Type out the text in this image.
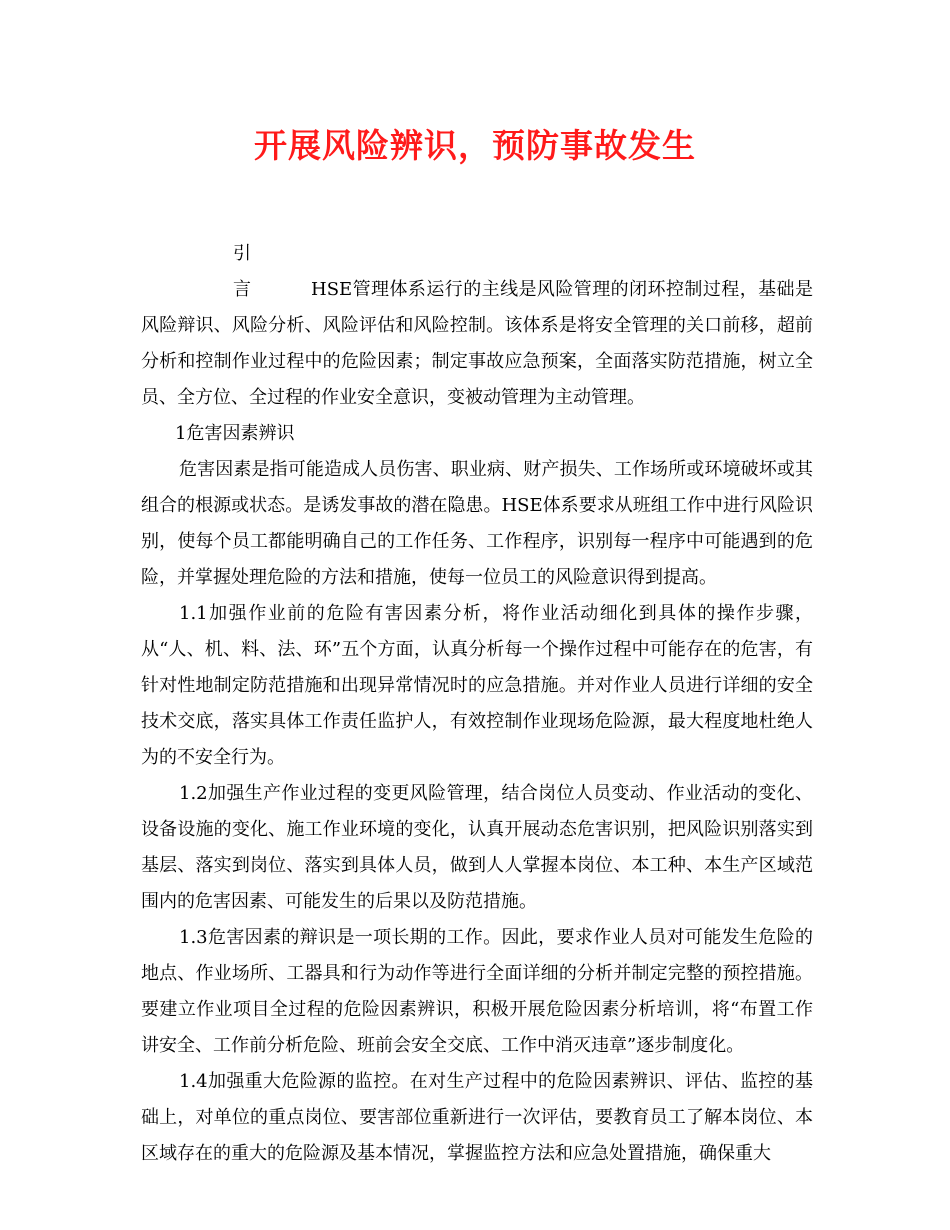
开展风险辨识，预防事故发生

引言 HSE管理体系运行的主线是风险管理的闭环控制过程，基础是风险辩识、风险分析、风险评估和风险控制。该体系是将安全管理的关口前移，超前分析和控制作业过程中的危险因素；制定事故应急预案，全面落实防范措施，树立全员、全方位、全过程的作业安全意识，变被动管理为主动管理。

1危害因素辨识

危害因素是指可能造成人员伤害、职业病、财产损失、工作场所或环境破坏或其组合的根源或状态。是诱发事故的潜在隐患。HSE体系要求从班组工作中进行风险识别，使每个员工都能明确自己的工作任务、工作程序，识别每一程序中可能遇到的危险，并掌握处理危险的方法和措施，使每一位员工的风险意识得到提高。

1.1加强作业前的危险有害因素分析，将作业活动细化到具体的操作步骤，从“人、机、料、法、环”五个方面，认真分析每一个操作过程中可能存在的危害，有针对性地制定防范措施和出现异常情况时的应急措施。并对作业人员进行详细的安全技术交底，落实具体工作责任监护人，有效控制作业现场危险源，最大程度地杜绝人为的不安全行为。

1.2加强生产作业过程的变更风险管理，结合岗位人员变动、作业活动的变化、设备设施的变化、施工作业环境的变化，认真开展动态危害识别，把风险识别落实到基层、落实到岗位、落实到具体人员，做到人人掌握本岗位、本工种、本生产区域范围内的危害因素、可能发生的后果以及防范措施。

1.3危害因素的辩识是一项长期的工作。因此，要求作业人员对可能发生危险的地点、作业场所、工器具和行为动作等进行全面详细的分析并制定完整的预控措施。要建立作业项目全过程的危险因素辨识，积极开展危险因素分析培训，将“布置工作讲安全、工作前分析危险、班前会安全交底、工作中消灭违章”逐步制度化。

1.4加强重大危险源的监控。在对生产过程中的危险因素辨识、评估、监控的基础上，对单位的重点岗位、要害部位重新进行一次评估，要教育员工了解本岗位、本区域存在的重大的危险源及基本情况，掌握监控方法和应急处置措施，确保重大
